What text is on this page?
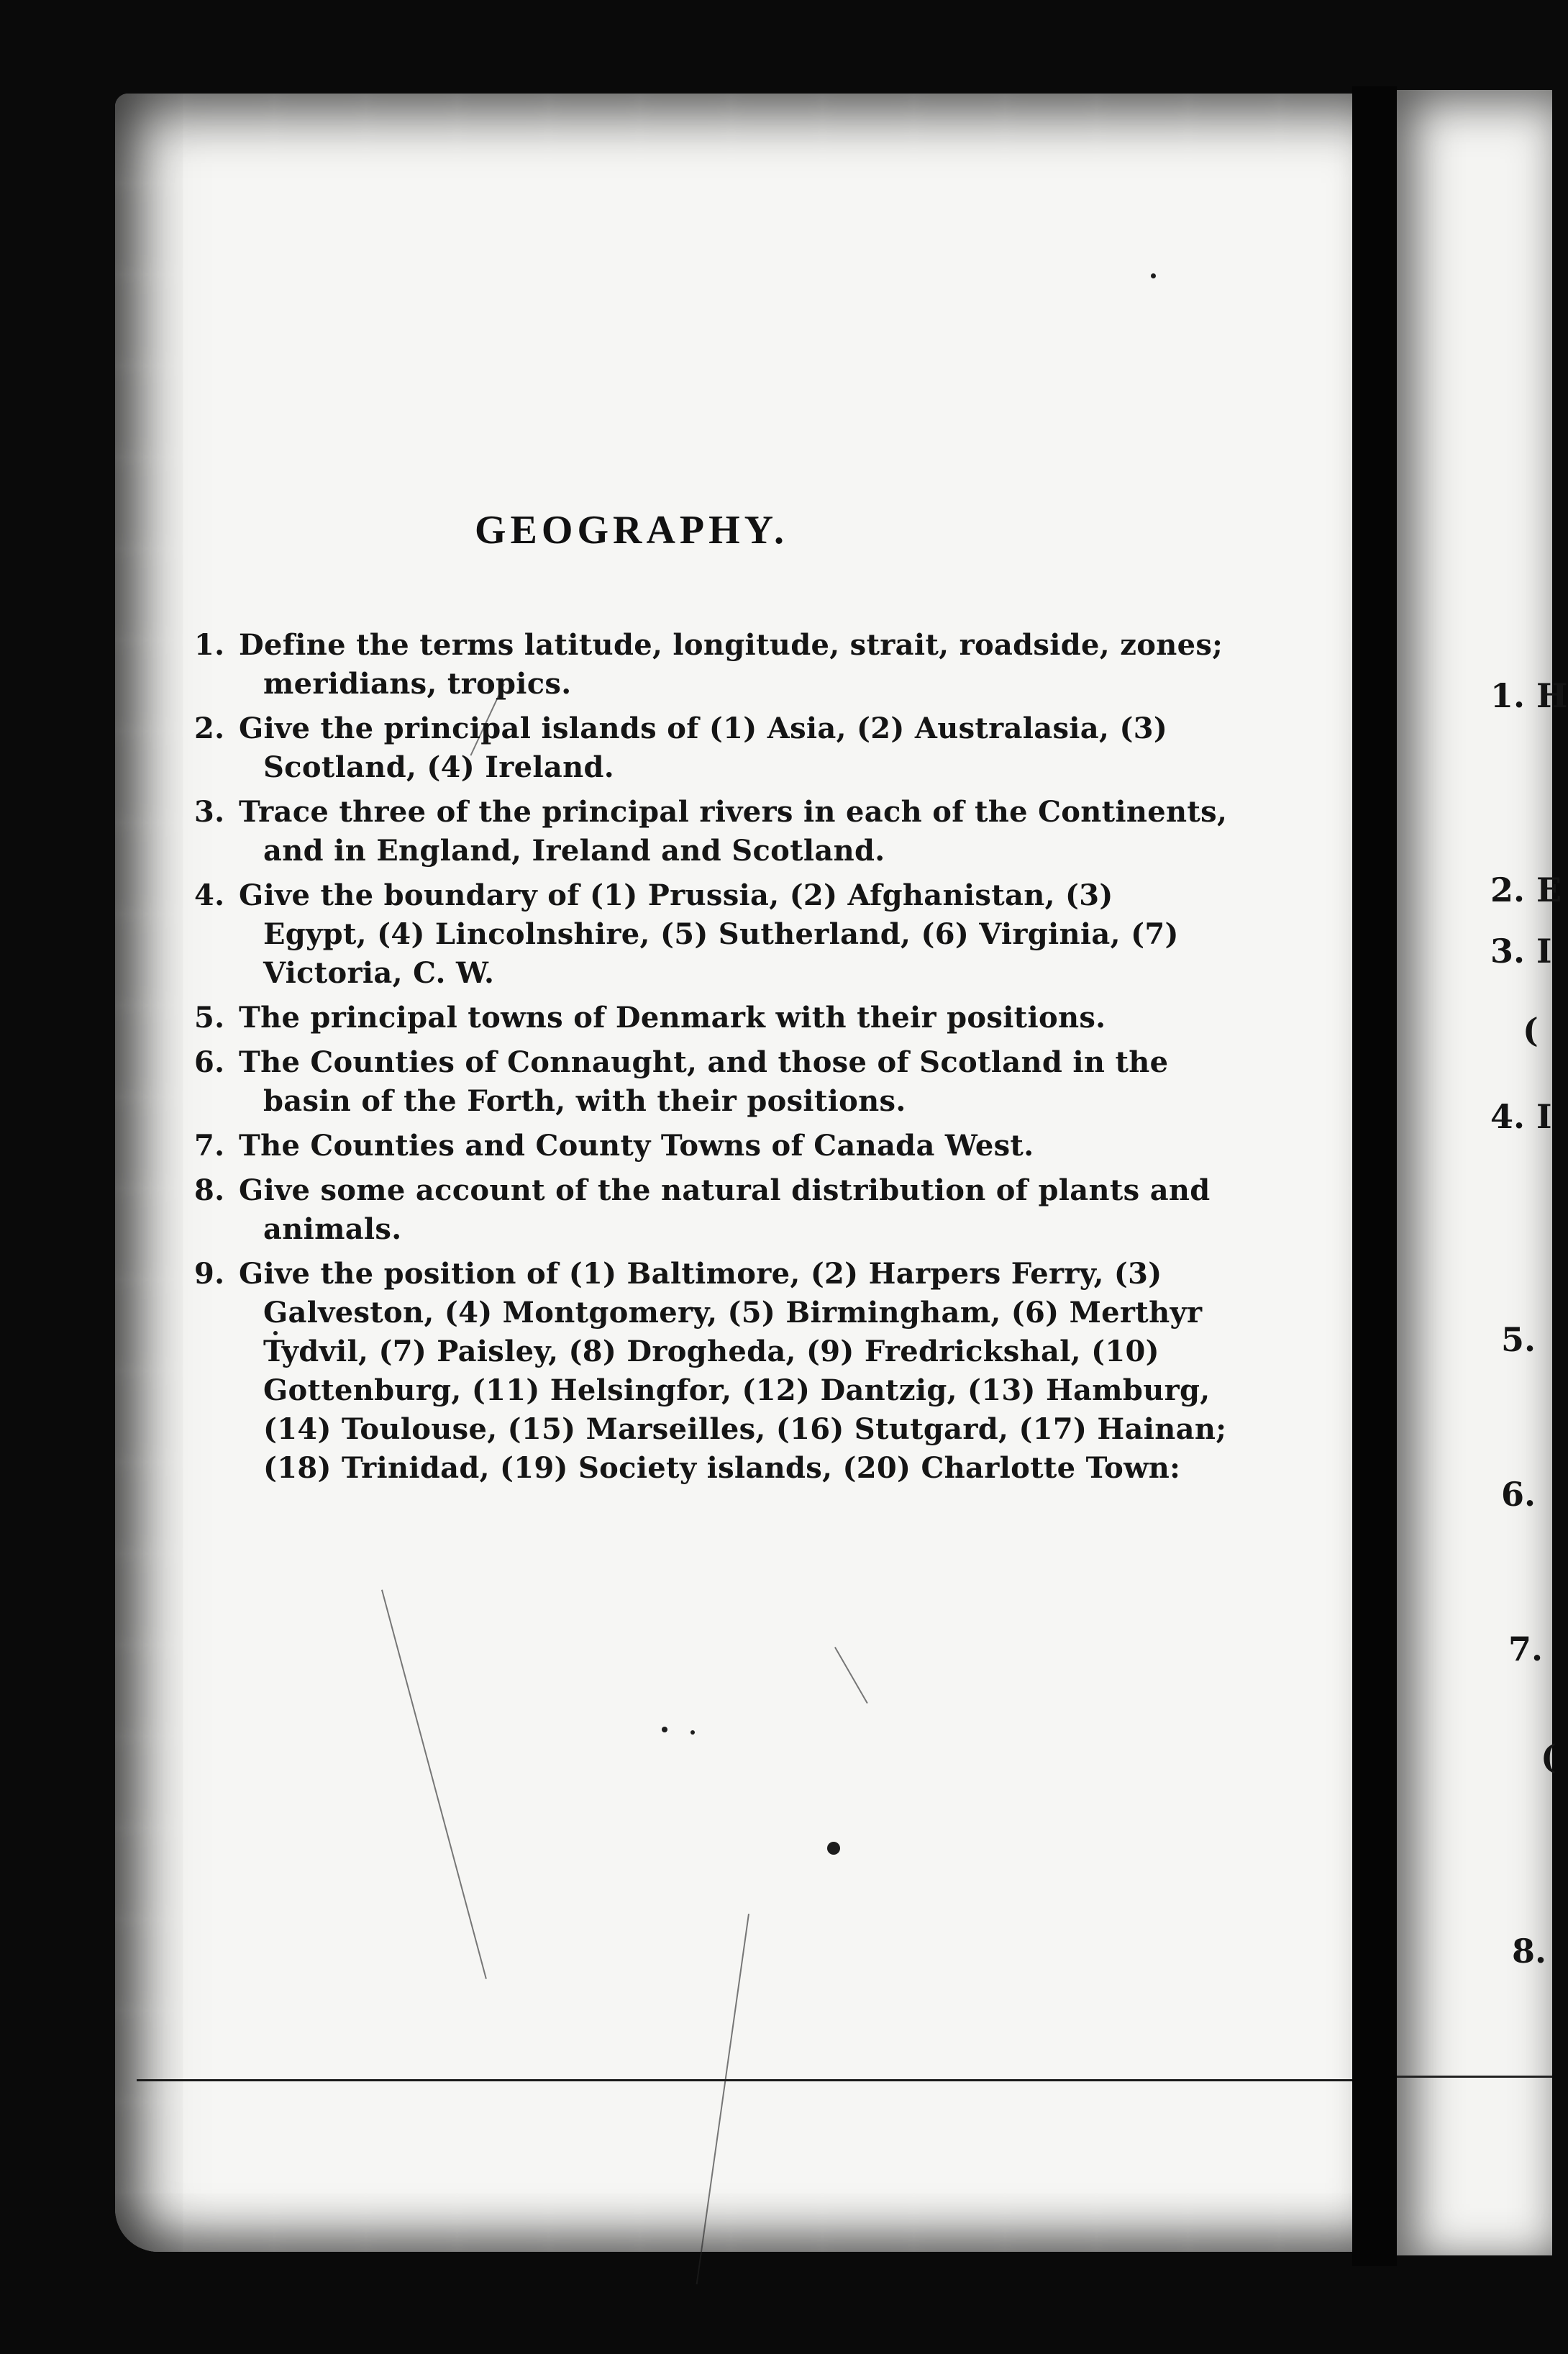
GEOGRAPHY.
1. Define the terms latitude, longitude, strait, roadside, zones;
meridians, tropics.
2. Give the principal islands of (1) Asia, (2) Australasia, (3)
Scotland, (4) Ireland.
3. Trace three of the principal rivers in each of the Continents,
and in England, Ireland and Scotland.
4. Give the boundary of (1) Prussia, (2) Afghanistan, (3)
Egypt, (4) Lincolnshire, (5) Sutherland, (6) Virginia, (7)
Victoria, C. W.
5. The principal towns of Denmark with their positions.
6. The Counties of Connaught, and those of Scotland in the
basin of the Forth, with their positions.
7. The Counties and County Towns of Canada West.
8. Give some account of the natural distribution of plants and
animals.
9. Give the position of (1) Baltimore, (2) Harpers Ferry, (3)
Galveston, (4) Montgomery, (5) Birmingham, (6) Merthyr
Tydvil, (7) Paisley, (8) Drogheda, (9) Fredrickshal, (10)
Gottenburg, (11) Helsingfor, (12) Dantzig, (13) Hamburg,
(14) Toulouse, (15) Marseilles, (16) Stutgard, (17) Hainan;
(18) Trinidad, (19) Society islands, (20) Charlotte Town:
1. H
2. E
3. I
(
4. I
5.
6.
7.
(
8.
